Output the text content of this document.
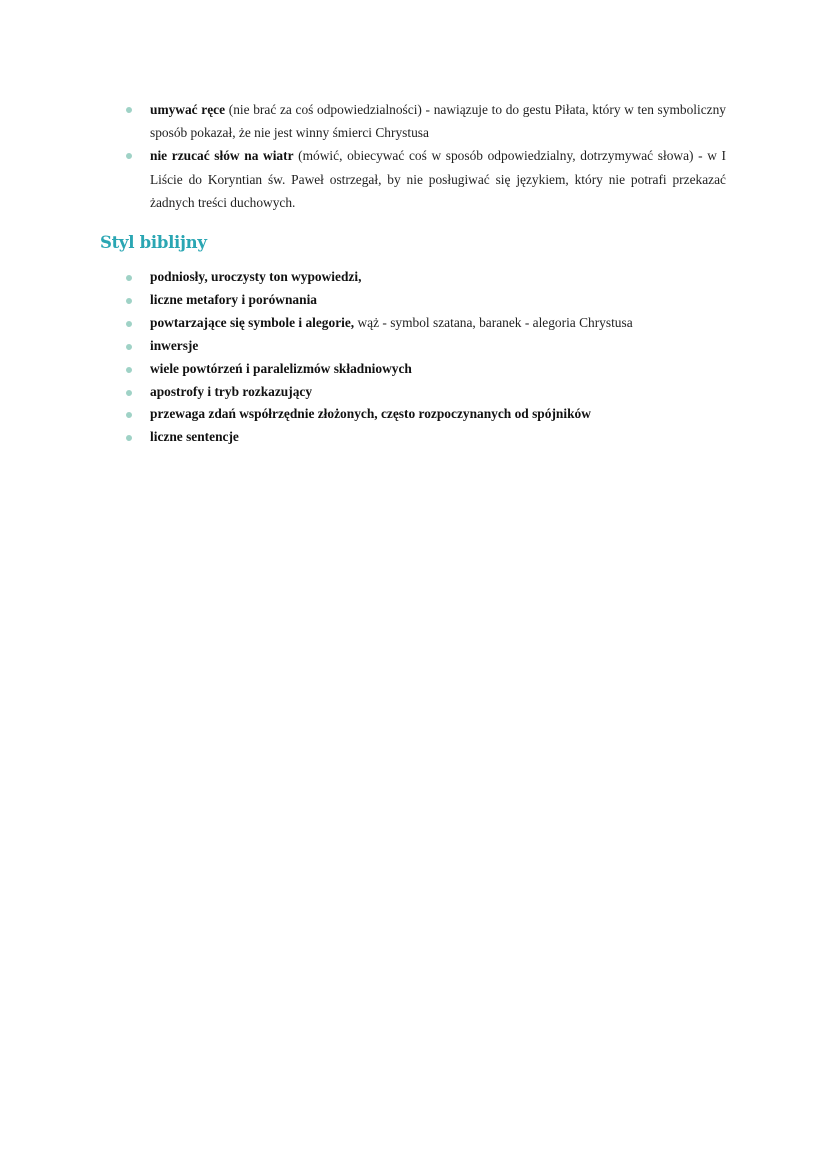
umywać ręce (nie brać za coś odpowiedzialności) - nawiązuje to do gestu Piłata, który w ten symboliczny sposób pokazał, że nie jest winny śmierci Chrystusa
nie rzucać słów na wiatr (mówić, obiecywać coś w sposób odpowiedzialny, dotrzymywać słowa) - w I Liście do Koryntian św. Paweł ostrzegał, by nie posługiwać się językiem, który nie potrafi przekazać żadnych treści duchowych.
Styl biblijny
podniosły, uroczysty ton wypowiedzi,
liczne metafory i porównania
powtarzające się symbole i alegorie, wąż - symbol szatana, baranek - alegoria Chrystusa
inwersje
wiele powtórzeń i paralelizmów składniowych
apostrofy i tryb rozkazujący
przewaga zdań współrzędnie złożonych, często rozpoczynanych od spójników
liczne sentencje
